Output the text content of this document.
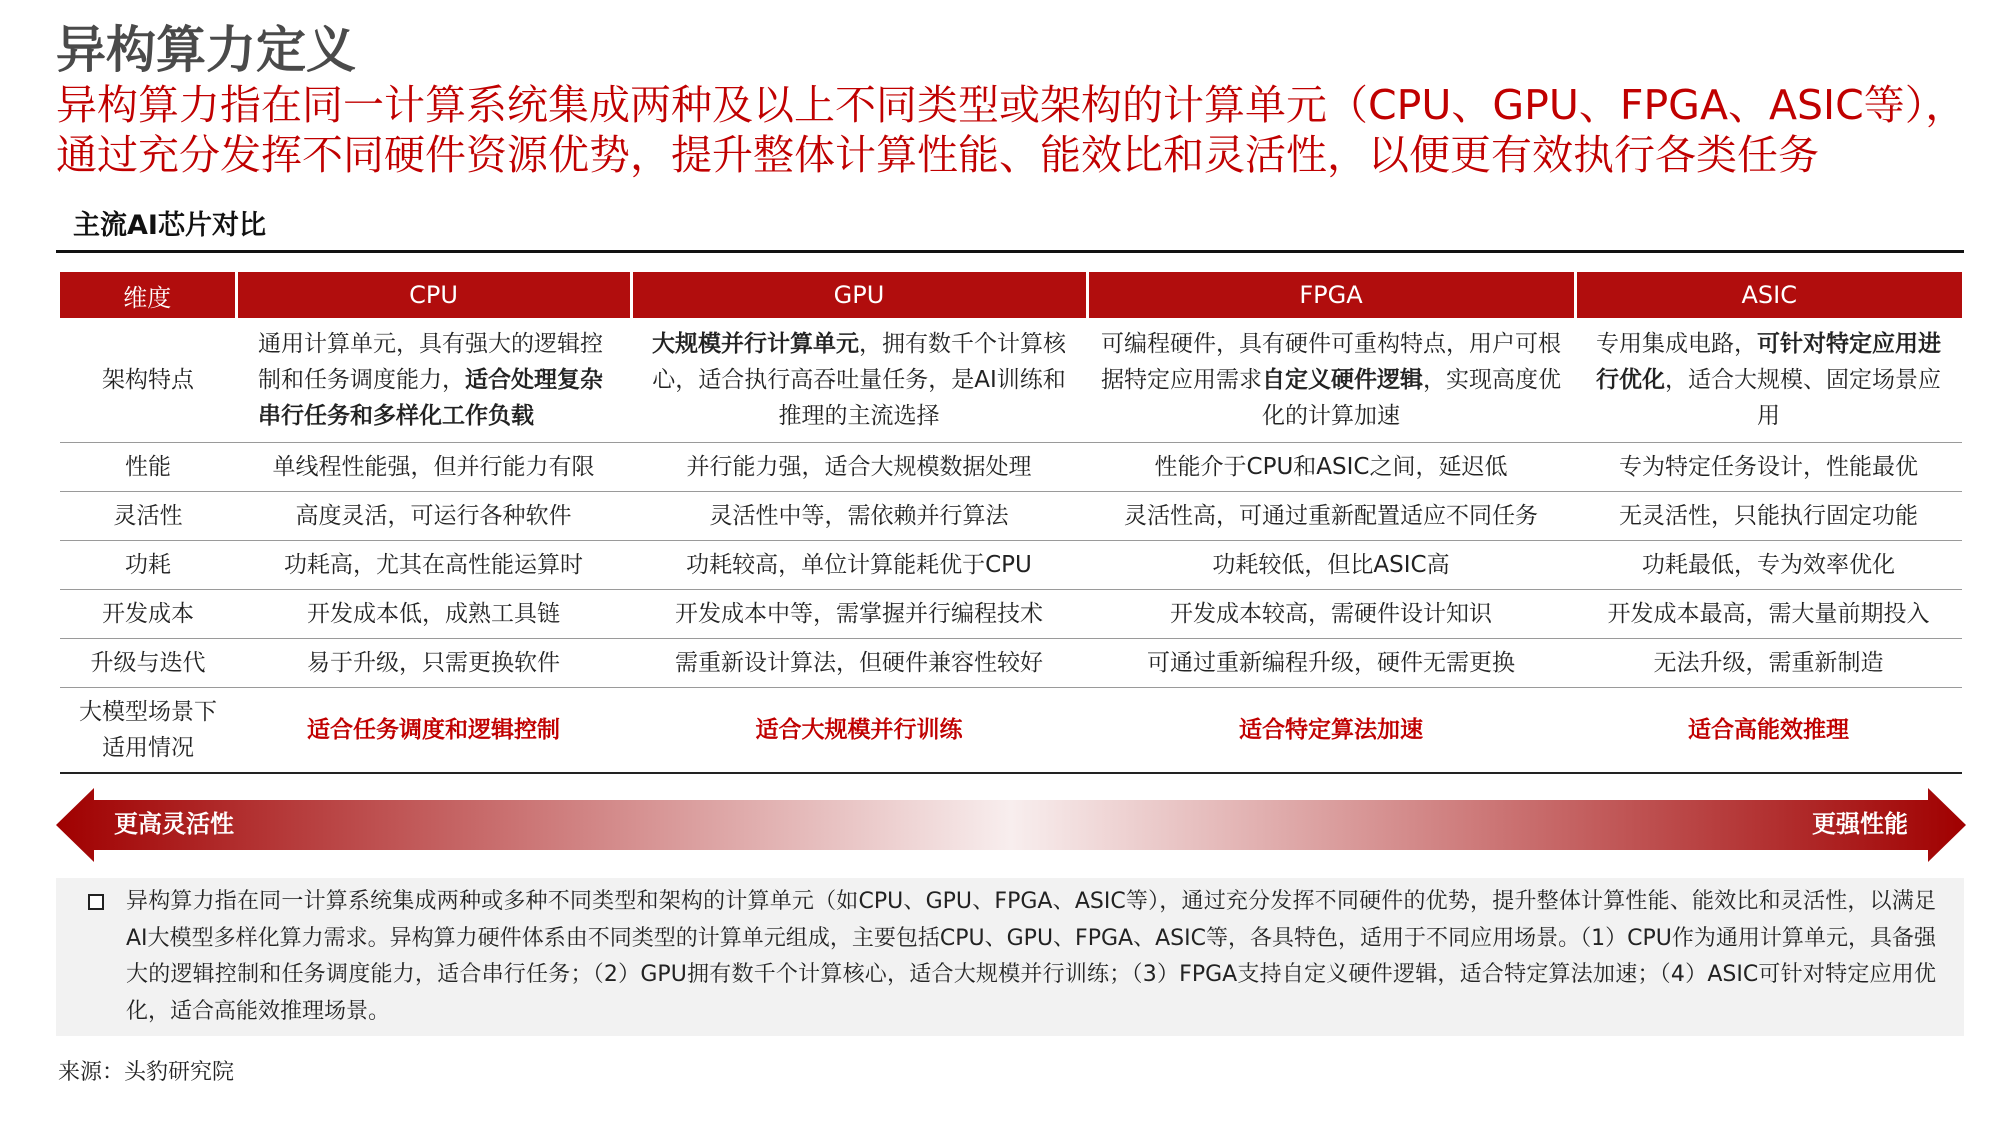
异构算力定义
异构算力指在同一计算系统集成两种及以上不同类型或架构的计算单元（CPU、GPU、FPGA、ASIC等），通过充分发挥不同硬件资源优势，提升整体计算性能、能效比和灵活性，以便更有效执行各类任务
主流AI芯片对比
维度	CPU	GPU	FPGA	ASIC
架构特点	通用计算单元，具有强大的逻辑控制和任务调度能力，适合处理复杂串行任务和多样化工作负载	大规模并行计算单元，拥有数千个计算核心，适合执行高吞吐量任务，是AI训练和推理的主流选择	可编程硬件，具有硬件可重构特点，用户可根据特定应用需求自定义硬件逻辑，实现高度优化的计算加速	专用集成电路，可针对特定应用进行优化，适合大规模、固定场景应用
性能	单线程性能强，但并行能力有限	并行能力强，适合大规模数据处理	性能介于CPU和ASIC之间，延迟低	专为特定任务设计，性能最优
灵活性	高度灵活，可运行各种软件	灵活性中等，需依赖并行算法	灵活性高，可通过重新配置适应不同任务	无灵活性，只能执行固定功能
功耗	功耗高，尤其在高性能运算时	功耗较高，单位计算能耗优于CPU	功耗较低，但比ASIC高	功耗最低，专为效率优化
开发成本	开发成本低，成熟工具链	开发成本中等，需掌握并行编程技术	开发成本较高，需硬件设计知识	开发成本最高，需大量前期投入
升级与迭代	易于升级，只需更换软件	需重新设计算法，但硬件兼容性较好	可通过重新编程升级，硬件无需更换	无法升级，需重新制造
大模型场景下适用情况	适合任务调度和逻辑控制	适合大规模并行训练	适合特定算法加速	适合高能效推理
更高灵活性	更强性能
异构算力指在同一计算系统集成两种或多种不同类型和架构的计算单元（如CPU、GPU、FPGA、ASIC等），通过充分发挥不同硬件的优势，提升整体计算性能、能效比和灵活性，以满足AI大模型多样化算力需求。异构算力硬件体系由不同类型的计算单元组成，主要包括CPU、GPU、FPGA、ASIC等，各具特色，适用于不同应用场景。（1）CPU作为通用计算单元，具备强大的逻辑控制和任务调度能力，适合串行任务；（2）GPU拥有数千个计算核心，适合大规模并行训练；（3）FPGA支持自定义硬件逻辑，适合特定算法加速；（4）ASIC可针对特定应用优化，适合高能效推理场景。
来源：头豹研究院
